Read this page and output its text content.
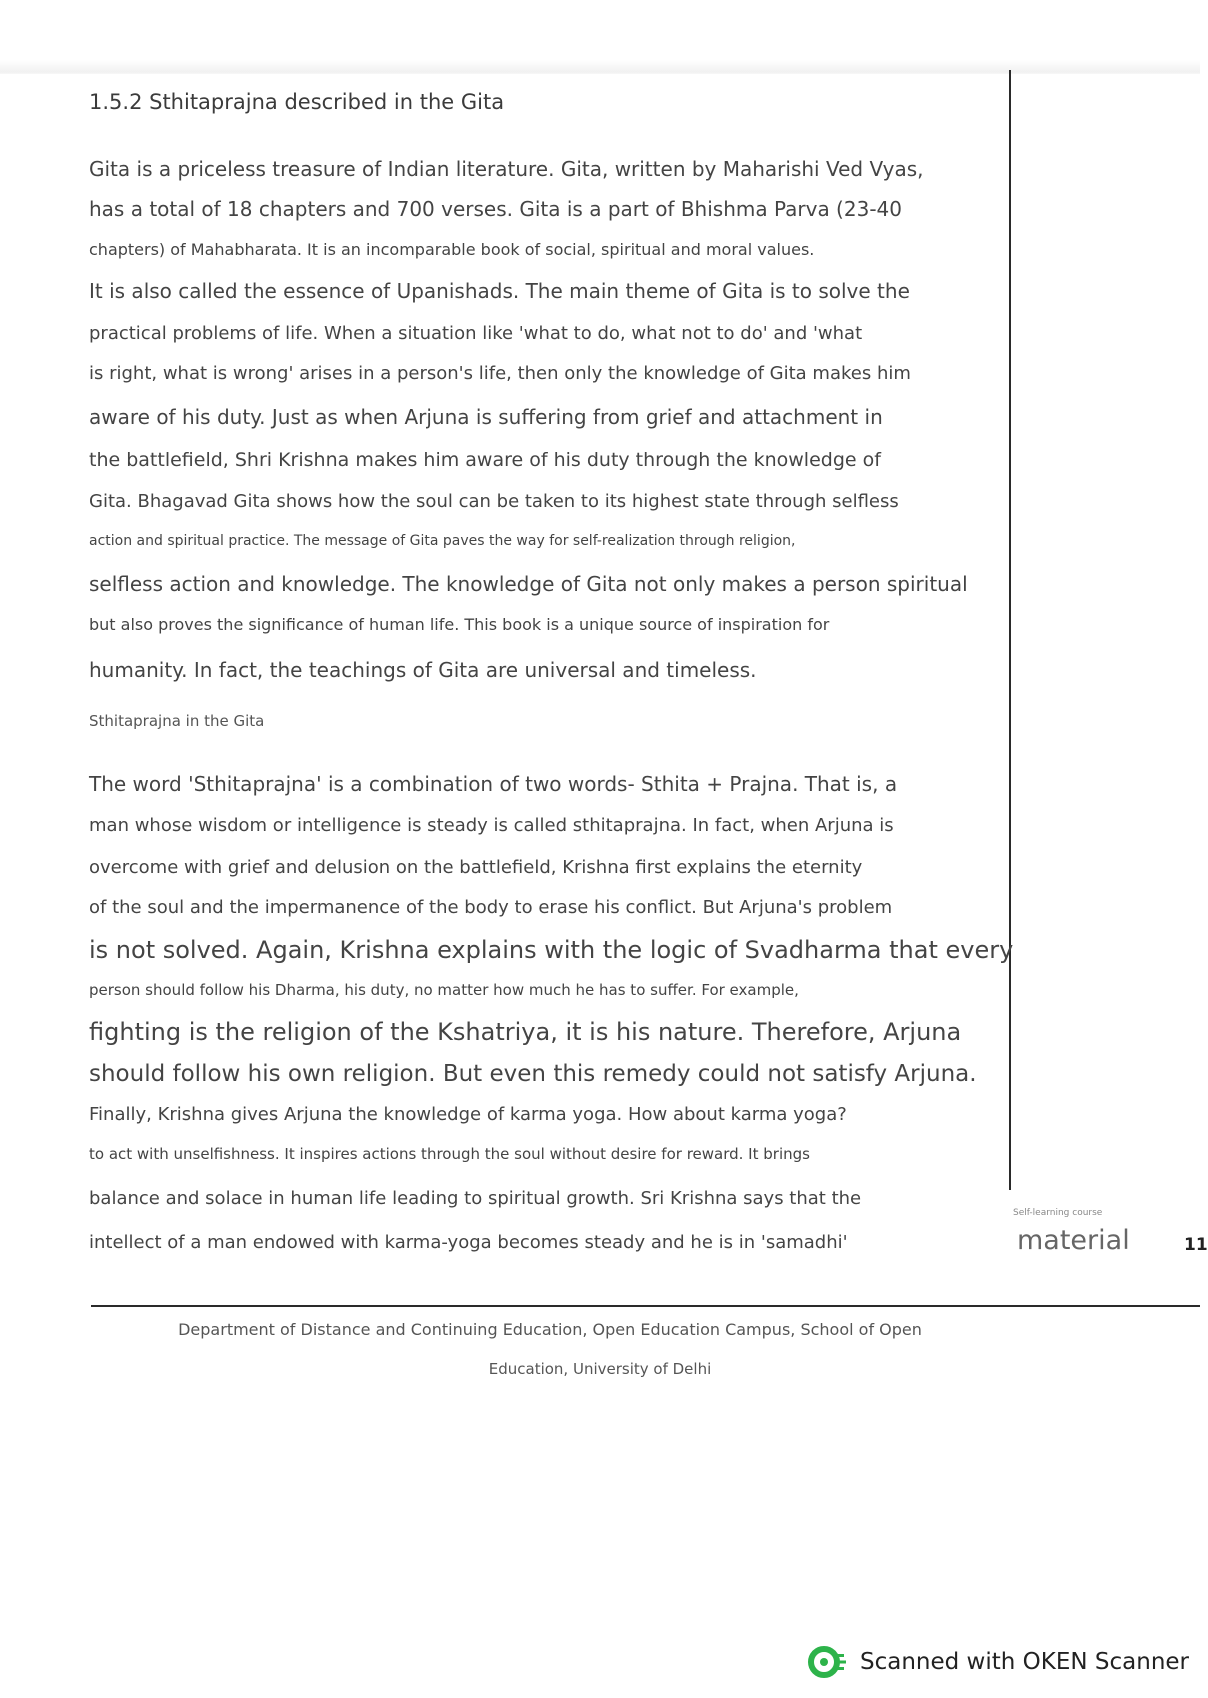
1.5.2 Sthitaprajna described in the Gita
Gita is a priceless treasure of Indian literature. Gita, written by Maharishi Ved Vyas,
has a total of 18 chapters and 700 verses. Gita is a part of Bhishma Parva (23-40
chapters) of Mahabharata. It is an incomparable book of social, spiritual and moral values.
It is also called the essence of Upanishads. The main theme of Gita is to solve the
practical problems of life. When a situation like 'what to do, what not to do' and 'what
is right, what is wrong' arises in a person's life, then only the knowledge of Gita makes him
aware of his duty. Just as when Arjuna is suffering from grief and attachment in
the battlefield, Shri Krishna makes him aware of his duty through the knowledge of
Gita. Bhagavad Gita shows how the soul can be taken to its highest state through selfless
action and spiritual practice. The message of Gita paves the way for self-realization through religion,
selfless action and knowledge. The knowledge of Gita not only makes a person spiritual
but also proves the significance of human life. This book is a unique source of inspiration for
humanity. In fact, the teachings of Gita are universal and timeless.
Sthitaprajna in the Gita
The word 'Sthitaprajna' is a combination of two words- Sthita + Prajna. That is, a
man whose wisdom or intelligence is steady is called sthitaprajna. In fact, when Arjuna is
overcome with grief and delusion on the battlefield, Krishna first explains the eternity
of the soul and the impermanence of the body to erase his conflict. But Arjuna's problem
is not solved. Again, Krishna explains with the logic of Svadharma that every
person should follow his Dharma, his duty, no matter how much he has to suffer. For example,
fighting is the religion of the Kshatriya, it is his nature. Therefore, Arjuna
should follow his own religion. But even this remedy could not satisfy Arjuna.
Finally, Krishna gives Arjuna the knowledge of karma yoga. How about karma yoga?
to act with unselfishness. It inspires actions through the soul without desire for reward. It brings
balance and solace in human life leading to spiritual growth. Sri Krishna says that the
intellect of a man endowed with karma-yoga becomes steady and he is in 'samadhi'
Self-learning course
material	11
Department of Distance and Continuing Education, Open Education Campus, School of Open
Education, University of Delhi
Scanned with OKEN Scanner
